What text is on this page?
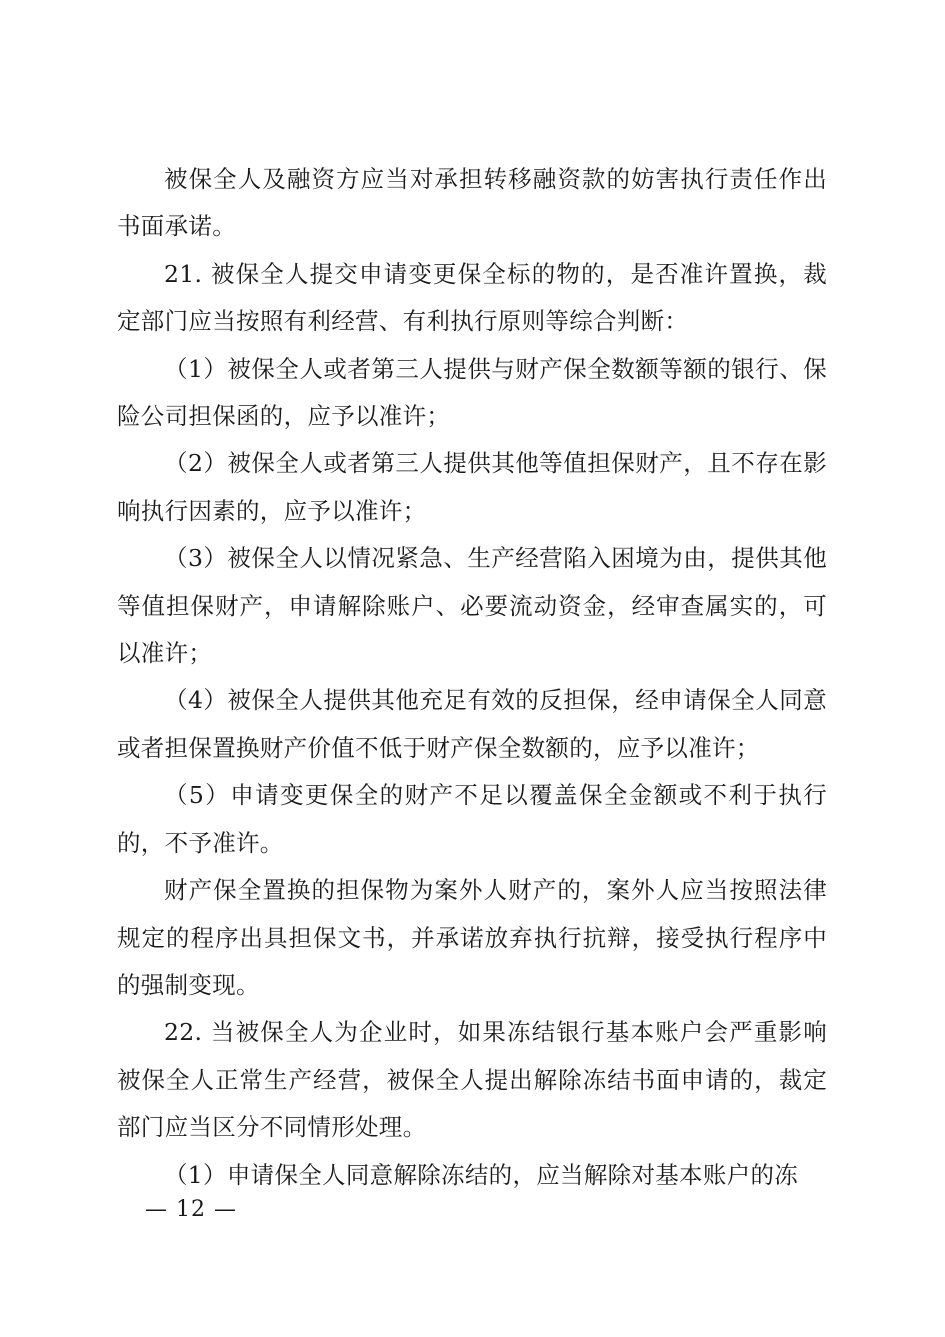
被保全人及融资方应当对承担转移融资款的妨害执行责任作出书面承诺。

21. 被保全人提交申请变更保全标的物的，是否准许置换，裁定部门应当按照有利经营、有利执行原则等综合判断：

（1）被保全人或者第三人提供与财产保全数额等额的银行、保险公司担保函的，应予以准许；

（2）被保全人或者第三人提供其他等值担保财产，且不存在影响执行因素的，应予以准许；

（3）被保全人以情况紧急、生产经营陷入困境为由，提供其他等值担保财产，申请解除账户、必要流动资金，经审查属实的，可以准许；

（4）被保全人提供其他充足有效的反担保，经申请保全人同意或者担保置换财产价值不低于财产保全数额的，应予以准许；

（5）申请变更保全的财产不足以覆盖保全金额或不利于执行的，不予准许。

财产保全置换的担保物为案外人财产的，案外人应当按照法律规定的程序出具担保文书，并承诺放弃执行抗辩，接受执行程序中的强制变现。

22. 当被保全人为企业时，如果冻结银行基本账户会严重影响被保全人正常生产经营，被保全人提出解除冻结书面申请的，裁定部门应当区分不同情形处理。

（1）申请保全人同意解除冻结的，应当解除对基本账户的冻

— 12 —
